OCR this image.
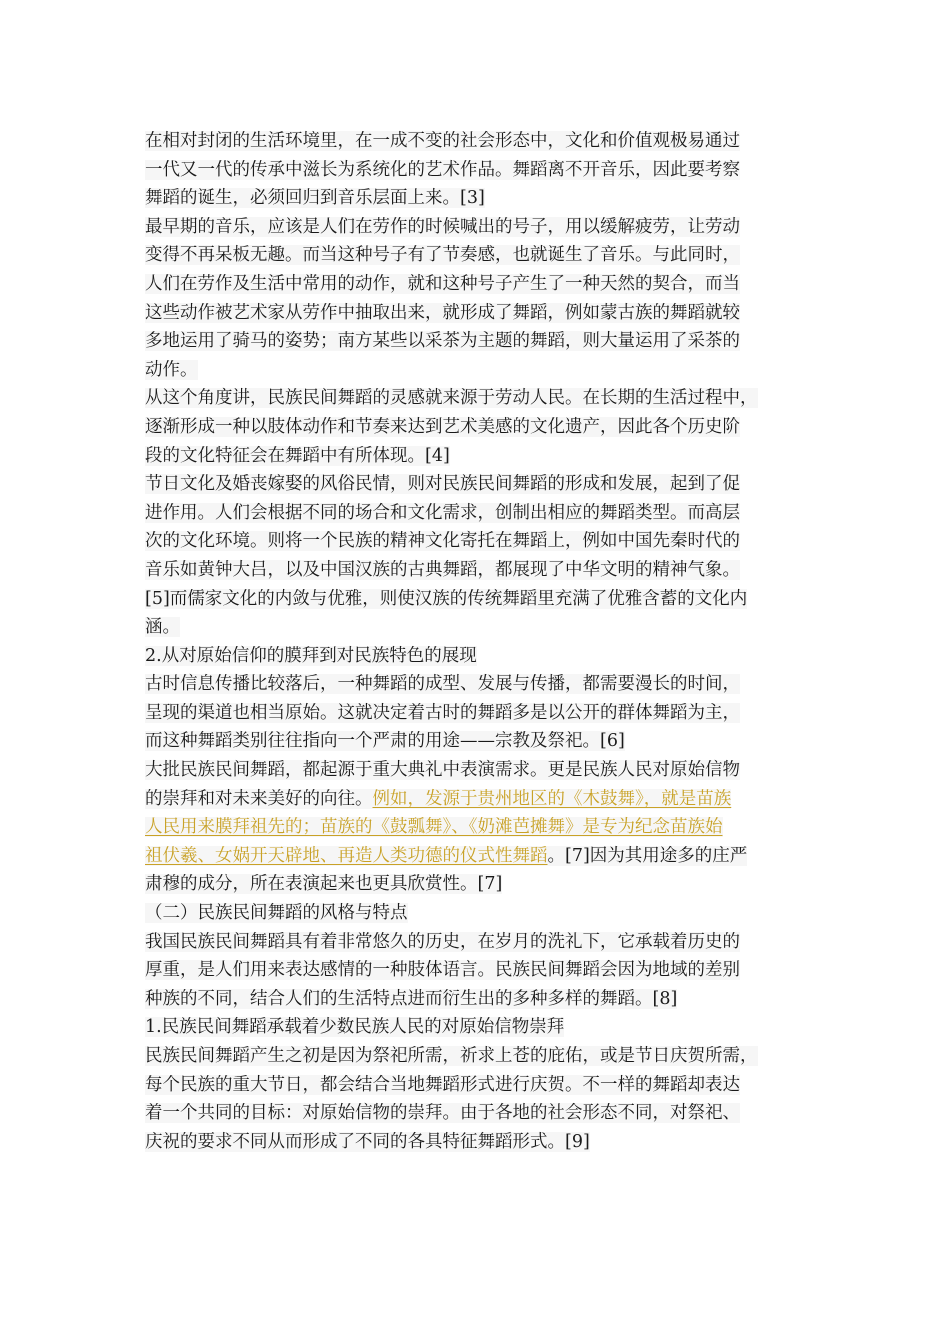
在相对封闭的生活环境里，在一成不变的社会形态中，文化和价值观极易通过
一代又一代的传承中滋长为系统化的艺术作品。舞蹈离不开音乐，因此要考察
舞蹈的诞生，必须回归到音乐层面上来。[3]
最早期的音乐，应该是人们在劳作的时候喊出的号子，用以缓解疲劳，让劳动
变得不再呆板无趣。而当这种号子有了节奏感，也就诞生了音乐。与此同时，
人们在劳作及生活中常用的动作，就和这种号子产生了一种天然的契合，而当
这些动作被艺术家从劳作中抽取出来，就形成了舞蹈，例如蒙古族的舞蹈就较
多地运用了骑马的姿势；南方某些以采茶为主题的舞蹈，则大量运用了采茶的
动作。
从这个角度讲，民族民间舞蹈的灵感就来源于劳动人民。在长期的生活过程中，
逐渐形成一种以肢体动作和节奏来达到艺术美感的文化遗产，因此各个历史阶
段的文化特征会在舞蹈中有所体现。[4]
节日文化及婚丧嫁娶的风俗民情，则对民族民间舞蹈的形成和发展，起到了促
进作用。人们会根据不同的场合和文化需求，创制出相应的舞蹈类型。而高层
次的文化环境。则将一个民族的精神文化寄托在舞蹈上，例如中国先秦时代的
音乐如黄钟大吕，以及中国汉族的古典舞蹈，都展现了中华文明的精神气象。
[5]而儒家文化的内敛与优雅，则使汉族的传统舞蹈里充满了优雅含蓄的文化内
涵。
2.从对原始信仰的膜拜到对民族特色的展现
古时信息传播比较落后，一种舞蹈的成型、发展与传播，都需要漫长的时间，
呈现的渠道也相当原始。这就决定着古时的舞蹈多是以公开的群体舞蹈为主，
而这种舞蹈类别往往指向一个严肃的用途——宗教及祭祀。[6]
大批民族民间舞蹈，都起源于重大典礼中表演需求。更是民族人民对原始信物
的崇拜和对未来美好的向往。例如，发源于贵州地区的《木鼓舞》，就是苗族
人民用来膜拜祖先的；苗族的《鼓瓢舞》、《奶滩芭摊舞》是专为纪念苗族始
祖伏羲、女娲开天辟地、再造人类功德的仪式性舞蹈。[7]因为其用途多的庄严
肃穆的成分，所在表演起来也更具欣赏性。[7]
（二）民族民间舞蹈的风格与特点
我国民族民间舞蹈具有着非常悠久的历史，在岁月的洗礼下，它承载着历史的
厚重，是人们用来表达感情的一种肢体语言。民族民间舞蹈会因为地域的差别
种族的不同，结合人们的生活特点进而衍生出的多种多样的舞蹈。[8]
1.民族民间舞蹈承载着少数民族人民的对原始信物崇拜
民族民间舞蹈产生之初是因为祭祀所需，祈求上苍的庇佑，或是节日庆贺所需，
每个民族的重大节日，都会结合当地舞蹈形式进行庆贺。不一样的舞蹈却表达
着一个共同的目标：对原始信物的崇拜。由于各地的社会形态不同，对祭祀、
庆祝的要求不同从而形成了不同的各具特征舞蹈形式。[9]
